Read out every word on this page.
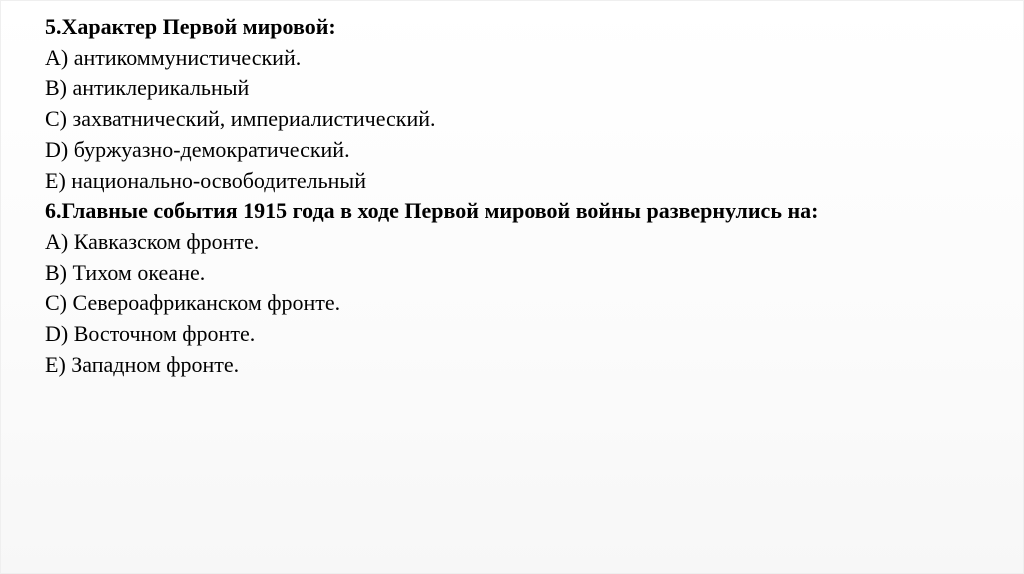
5.Характер Первой мировой:

А) антикоммунистический.

В) антиклерикальный

С) захватнический, империалистический.

D) буржуазно-демократический.

Е) национально-освободительный

6.Главные события 1915 года в ходе Первой мировой войны развернулись на:

А) Кавказском фронте.

В) Тихом океане.

С) Североафриканском фронте.

D) Восточном фронте.

Е) Западном фронте.
